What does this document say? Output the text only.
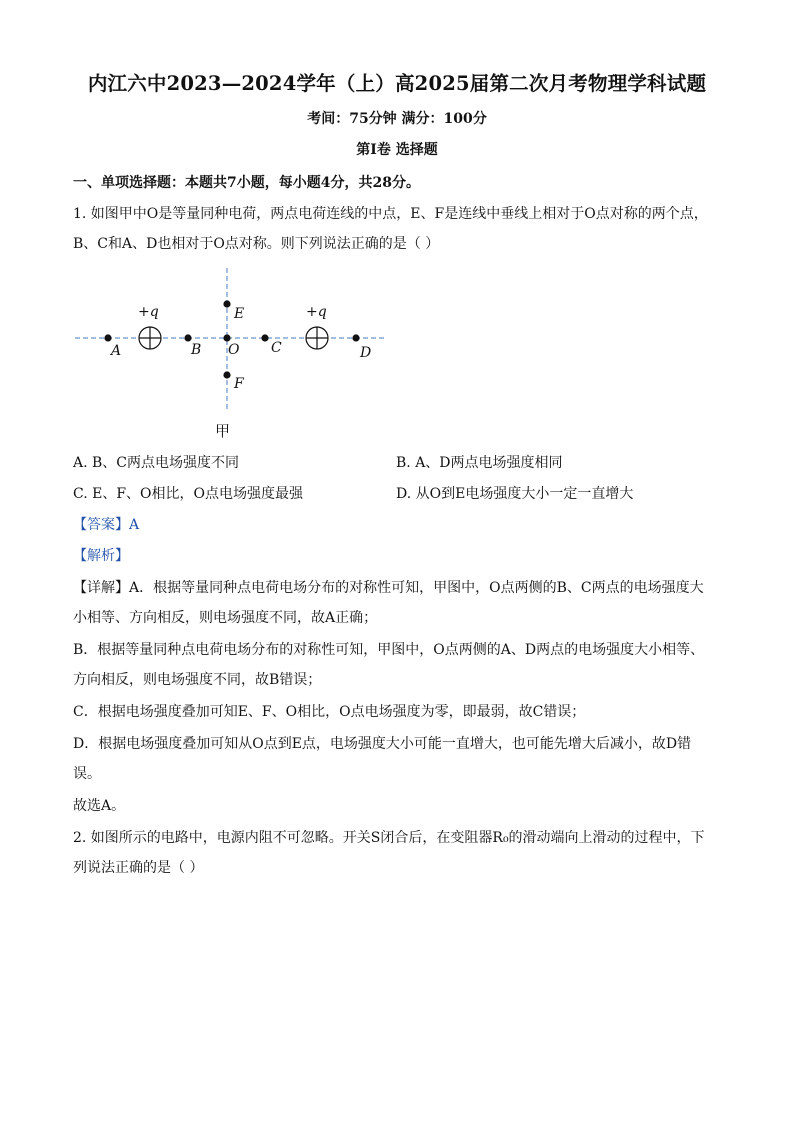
内江六中2023—2024学年（上）高2025届第二次月考物理学科试题
考间：75分钟 满分：100分
第Ⅰ卷 选择题
一、单项选择题：本题共7小题，每小题4分，共28分。
1. 如图甲中O是等量同种电荷，两点电荷连线的中点，E、F是连线中垂线上相对于O点对称的两个点，
B、C和A、D也相对于O点对称。则下列说法正确的是（ ）
+q	+q
A	B O C	D
E
F
甲
A. B、C两点电场强度不同	B. A、D两点电场强度相同
C. E、F、O相比，O点电场强度最强	D. 从O到E电场强度大小一定一直增大
【答案】A
【解析】
【详解】A．根据等量同种点电荷电场分布的对称性可知，甲图中，O点两侧的B、C两点的电场强度大
小相等、方向相反，则电场强度不同，故A正确；
B．根据等量同种点电荷电场分布的对称性可知，甲图中，O点两侧的A、D两点的电场强度大小相等、
方向相反，则电场强度不同，故B错误；
C．根据电场强度叠加可知E、F、O相比，O点电场强度为零，即最弱，故C错误；
D．根据电场强度叠加可知从O点到E点，电场强度大小可能一直增大，也可能先增大后减小，故D错
误。
故选A。
2. 如图所示的电路中，电源内阻不可忽略。开关S闭合后，在变阻器R₀的滑动端向上滑动的过程中，下
列说法正确的是（ ）
